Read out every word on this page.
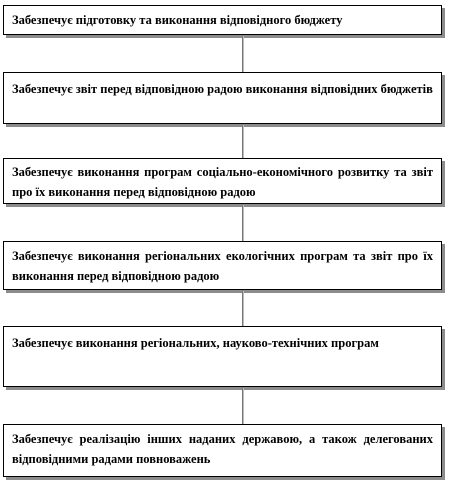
Забезпечує підготовку та виконання відповідного бюджету
Забезпечує звіт перед відповідною радою виконання відповідних бюджетів
Забезпечує виконання програм соціально-економічного розвитку та звіт про їх виконання перед відповідною радою
Забезпечує виконання регіональних екологічних програм та звіт про їх виконання перед відповідною радою
Забезпечує виконання регіональних, науково-технічних програм
Забезпечує реалізацію інших наданих державою, а також делегованих відповідними радами повноважень
